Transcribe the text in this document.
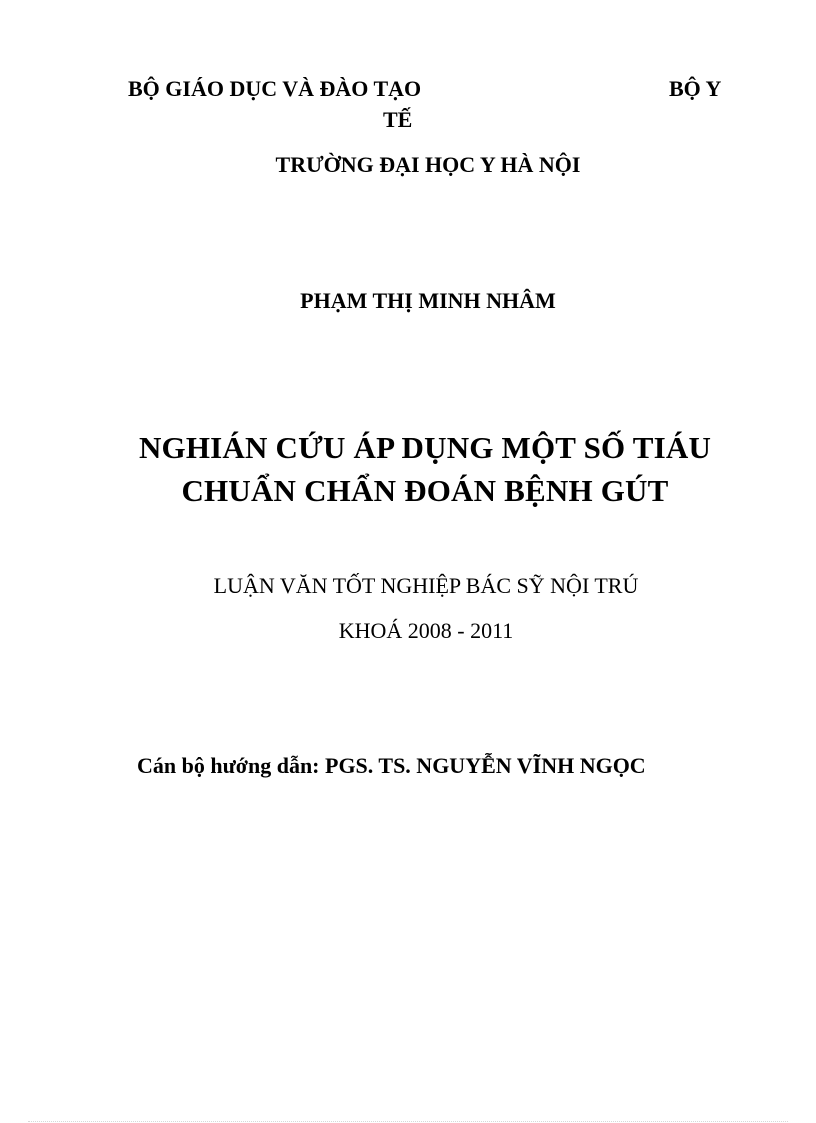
BỘ GIÁO DỤC VÀ ĐÀO TẠO	BỘ Y
TẾ
TRƯỜNG ĐẠI HỌC Y HÀ NỘI
PHẠM THỊ MINH NHÂM
NGHIÁN CỨU ÁP DỤNG MỘT SỐ TIÁU
CHUẨN CHẨN ĐOÁN BỆNH GÚT
LUẬN VĂN TỐT NGHIỆP BÁC SỸ NỘI TRÚ
KHOÁ 2008 - 2011
Cán bộ hướng dẫn: PGS. TS. NGUYỄN VĨNH NGỌC
